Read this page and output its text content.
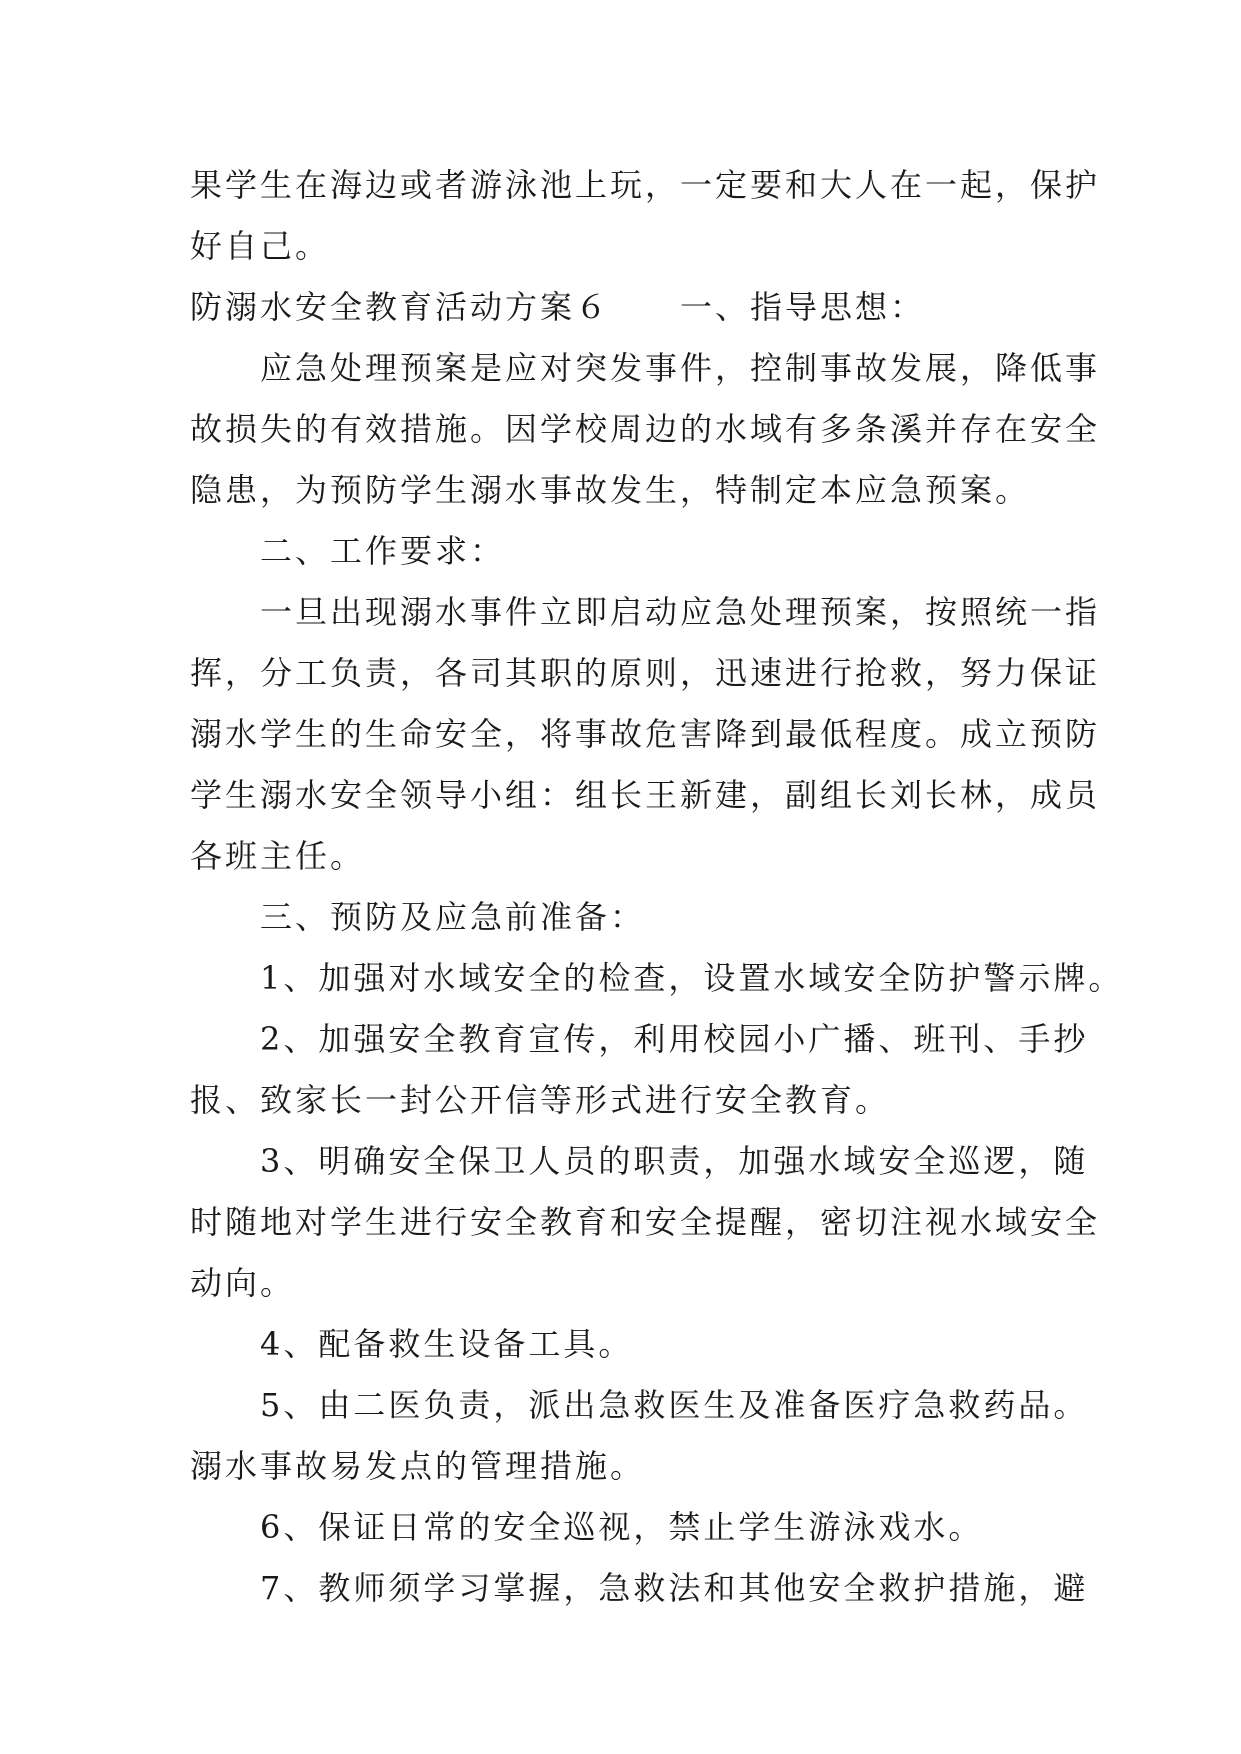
果学生在海边或者游泳池上玩，一定要和大人在一起，保护
好自己。
防溺水安全教育活动方案６　　一、指导思想：
应急处理预案是应对突发事件，控制事故发展，降低事
故损失的有效措施。因学校周边的水域有多条溪并存在安全
隐患，为预防学生溺水事故发生，特制定本应急预案。
二、工作要求：
一旦出现溺水事件立即启动应急处理预案，按照统一指
挥，分工负责，各司其职的原则，迅速进行抢救，努力保证
溺水学生的生命安全，将事故危害降到最低程度。成立预防
学生溺水安全领导小组：组长王新建，副组长刘长林，成员
各班主任。
三、预防及应急前准备：
1、加强对水域安全的检查，设置水域安全防护警示牌。
2、加强安全教育宣传，利用校园小广播、班刊、手抄
报、致家长一封公开信等形式进行安全教育。
3、明确安全保卫人员的职责，加强水域安全巡逻，随
时随地对学生进行安全教育和安全提醒，密切注视水域安全
动向。
4、配备救生设备工具。
5、由二医负责，派出急救医生及准备医疗急救药品。
溺水事故易发点的管理措施。
6、保证日常的安全巡视，禁止学生游泳戏水。
7、教师须学习掌握，急救法和其他安全救护措施，避
